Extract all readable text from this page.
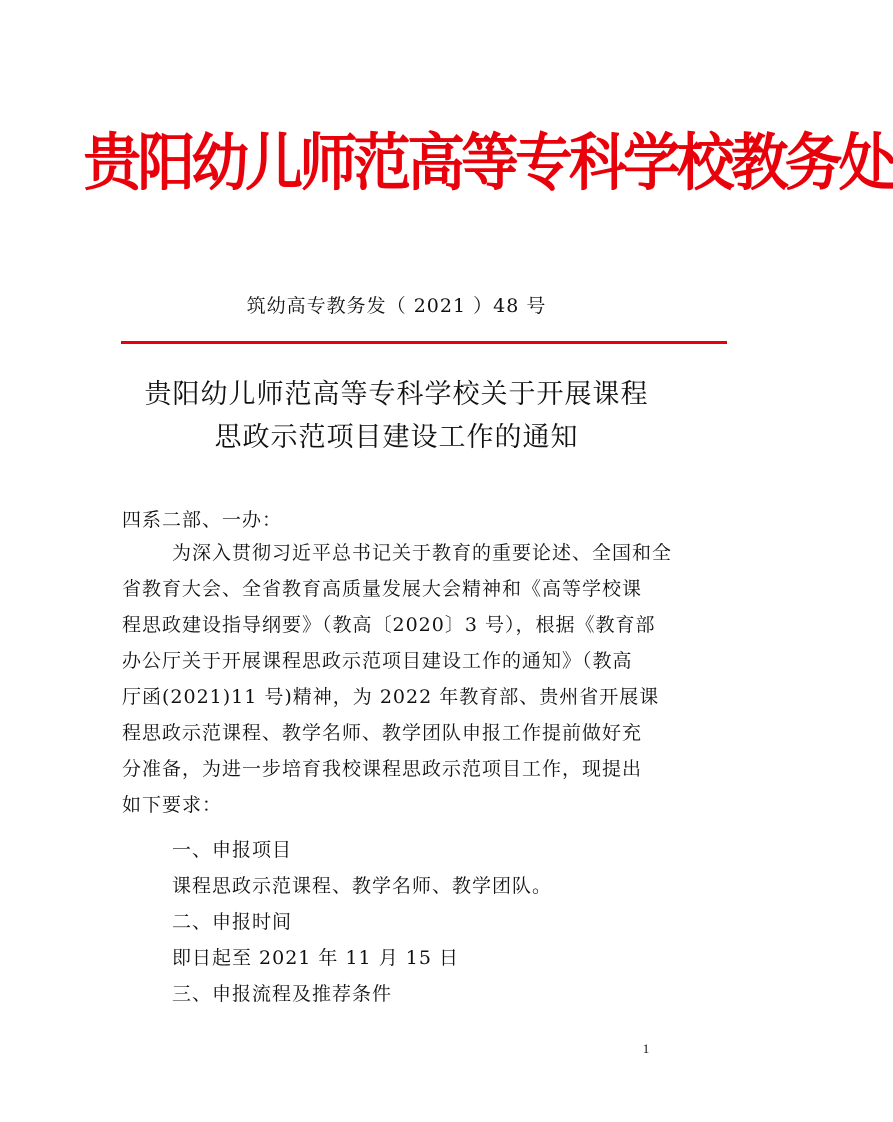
贵阳幼儿师范高等专科学校教务处
筑幼高专教务发（ 2021 ）48 号
贵阳幼儿师范高等专科学校关于开展课程
思政示范项目建设工作的通知
四系二部、一办：
为深入贯彻习近平总书记关于教育的重要论述、全国和全
省教育大会、全省教育高质量发展大会精神和《高等学校课
程思政建设指导纲要》（教高〔2020〕3 号），根据《教育部
办公厅关于开展课程思政示范项目建设工作的通知》（教高
厅函(2021)11 号)精神，为 2022 年教育部、贵州省开展课
程思政示范课程、教学名师、教学团队申报工作提前做好充
分准备，为进一步培育我校课程思政示范项目工作，现提出
如下要求：
一、申报项目
课程思政示范课程、教学名师、教学团队。
二、申报时间
即日起至 2021 年 11 月 15 日
三、申报流程及推荐条件
1
